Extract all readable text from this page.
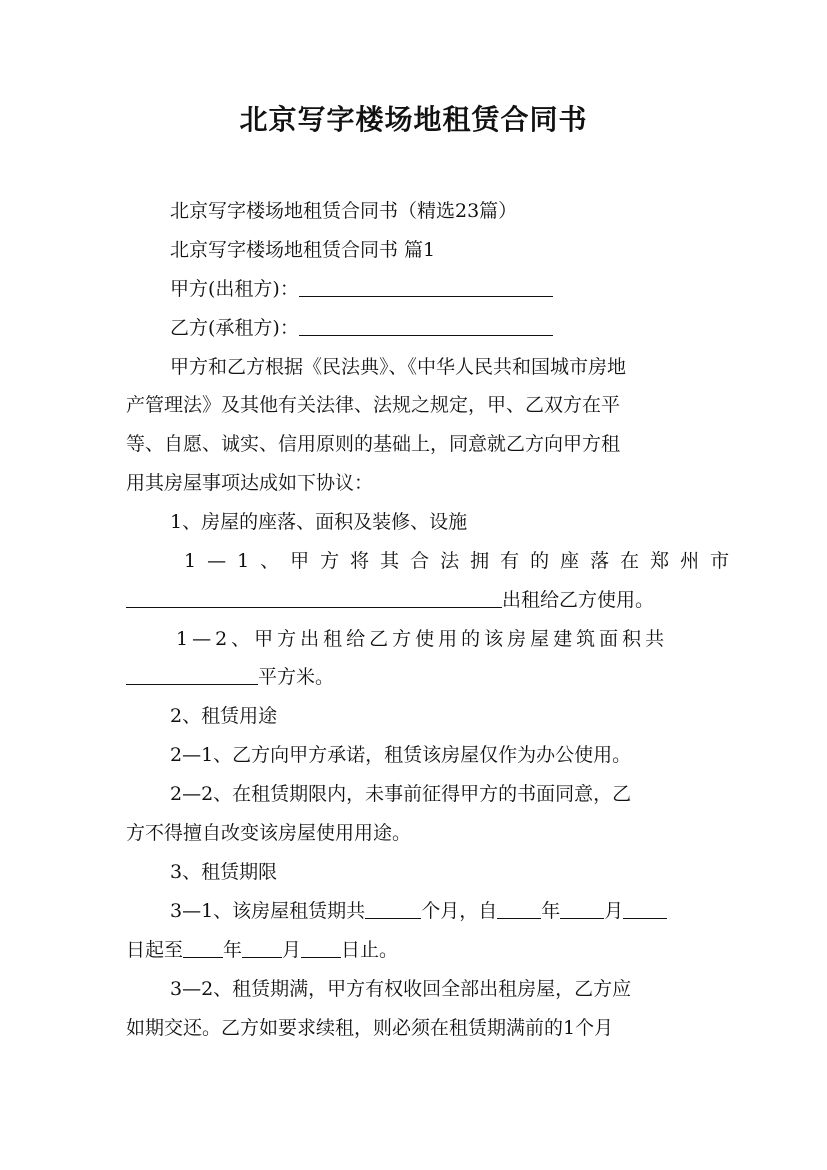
北京写字楼场地租赁合同书
北京写字楼场地租赁合同书（精选23篇）
北京写字楼场地租赁合同书 篇1
甲方(出租方)：
乙方(承租方)：
甲方和乙方根据《民法典》、《中华人民共和国城市房地
产管理法》及其他有关法律、法规之规定，甲、乙双方在平
等、自愿、诚实、信用原则的基础上，同意就乙方向甲方租
用其房屋事项达成如下协议：
1、房屋的座落、面积及装修、设施
1—1、甲方将其合法拥有的座落在郑州市
出租给乙方使用。
1—2、甲方出租给乙方使用的该房屋建筑面积共
平方米。
2、租赁用途
2—1、乙方向甲方承诺，租赁该房屋仅作为办公使用。
2—2、在租赁期限内，未事前征得甲方的书面同意，乙
方不得擅自改变该房屋使用用途。
3、租赁期限
3—1、该房屋租赁期共	个月，自 年 月
日起至 年 月 日止。
3—2、租赁期满，甲方有权收回全部出租房屋，乙方应
如期交还。乙方如要求续租，则必须在租赁期满前的1个月
